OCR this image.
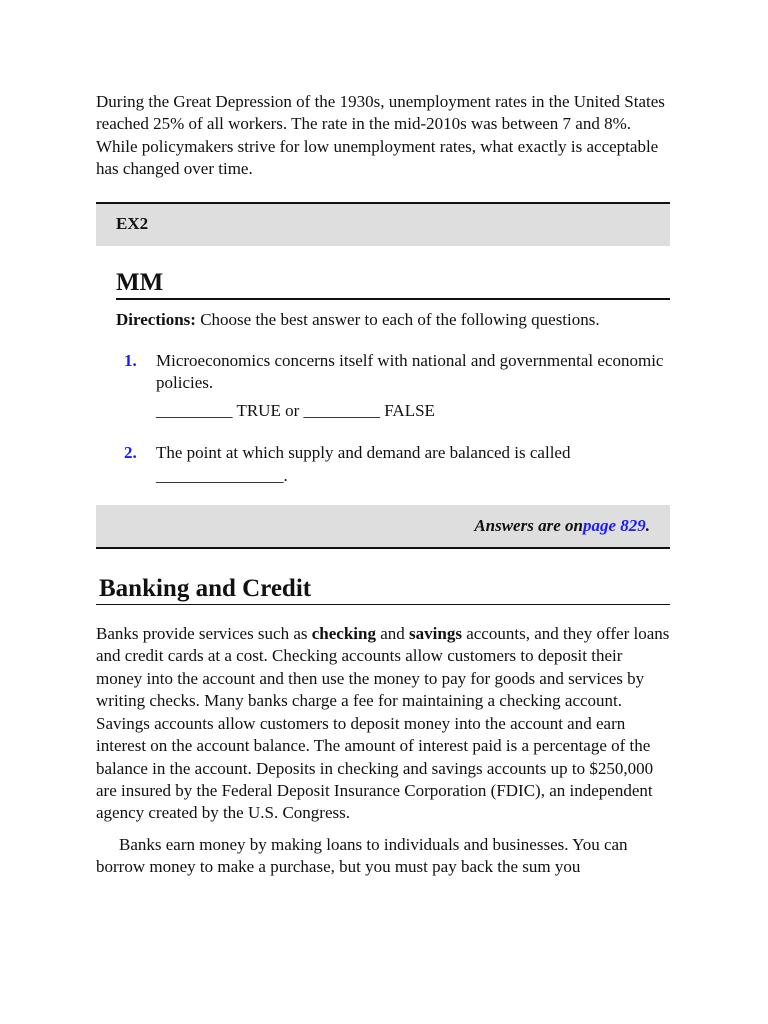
During the Great Depression of the 1930s, unemployment rates in the United States reached 25% of all workers. The rate in the mid-2010s was between 7 and 8%. While policymakers strive for low unemployment rates, what exactly is acceptable has changed over time.

EX2
MM

Directions: Choose the best answer to each of the following questions.

1.	Microeconomics concerns itself with national and governmental economic policies.
_________ TRUE or _________ FALSE
2.	The point at which supply and demand are balanced is called _______________.
Answers are on page 829 .
Banking and Credit

Banks provide services such as checking and savings accounts, and they offer loans and credit cards at a cost. Checking accounts allow customers to deposit their money into the account and then use the money to pay for goods and services by writing checks. Many banks charge a fee for maintaining a checking account. Savings accounts allow customers to deposit money into the account and earn interest on the account balance. The amount of interest paid is a percentage of the balance in the account. Deposits in checking and savings accounts up to $250,000 are insured by the Federal Deposit Insurance Corporation (FDIC), an independent agency created by the U.S. Congress.

Banks earn money by making loans to individuals and businesses. You can borrow money to make a purchase, but you must pay back the sum you
